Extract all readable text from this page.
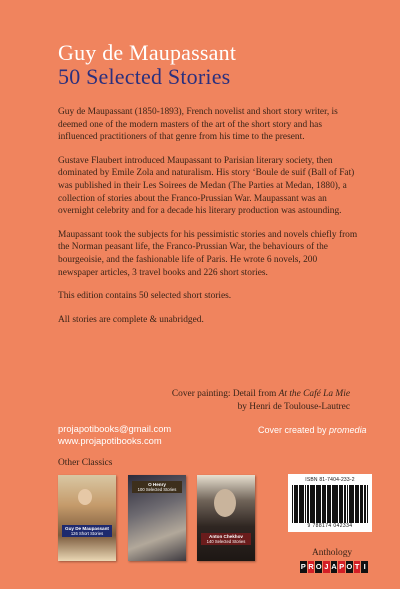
Guy de Maupassant
50 Selected Stories

Guy de Maupassant (1850-1893), French novelist and short story writer, is deemed one of the modern masters of the art of the short story and has influenced practitioners of that genre from his time to the present.

Gustave Flaubert introduced Maupassant to Parisian literary society, then dominated by Emile Zola and naturalism. His story ‘Boule de suif (Ball of Fat) was published in their Les Soirees de Medan (The Parties at Medan, 1880), a collection of stories about the Franco-Prussian War. Maupassant was an overnight celebrity and for a decade his literary production was astounding.

Maupassant took the subjects for his pessimistic stories and novels chiefly from the Norman peasant life, the Franco-Prussian War, the behaviours of the bourgeoisie, and the fashionable life of Paris. He wrote 6 novels, 200 newspaper articles, 3 travel books and 226 short stories.

This edition contains 50 selected short stories.

All stories are complete & unabridged.

Cover painting: Detail from At the Café La Mie
by Henri de Toulouse-Lautrec
projapotibooks@gmail.com
www.projapotibooks.com
Cover created by promedia
Other Classics
Guy De Maupassant
126 Short Stories
O Henry
100 Selected Stories
Anton Chekhov
140 Selected Stories
ISBN 81-7404-233-2
9 788174 042334
Anthology
P R O J A P O T I
